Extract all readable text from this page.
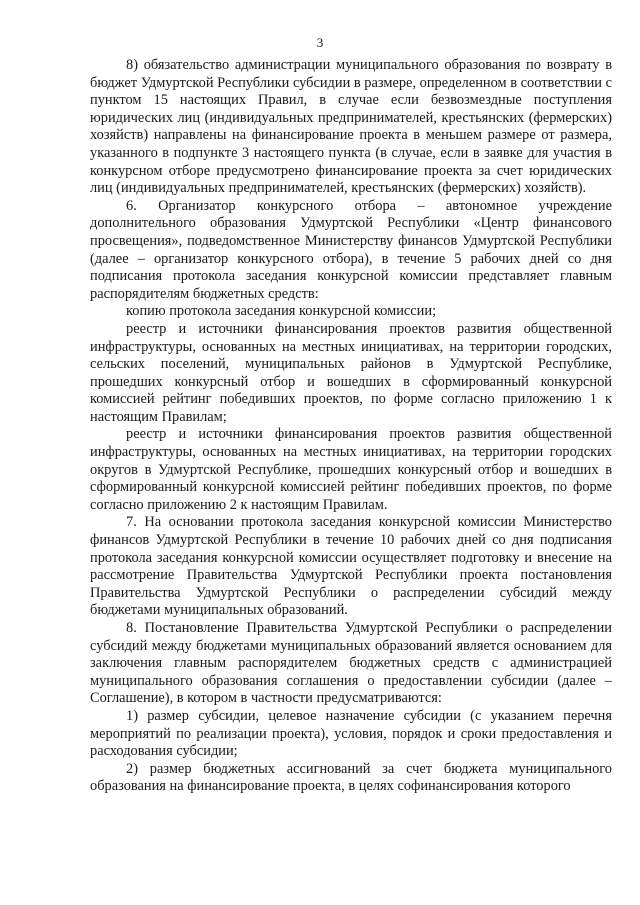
3

8) обязательство администрации муниципального образования по возврату в бюджет Удмуртской Республики субсидии в размере, определенном в соответствии с пунктом 15 настоящих Правил, в случае если безвозмездные поступления юридических лиц (индивидуальных предпринимателей, крестьянских (фермерских) хозяйств) направлены на финансирование проекта в меньшем размере от размера, указанного в подпункте 3 настоящего пункта (в случае, если в заявке для участия в конкурсном отборе предусмотрено финансирование проекта за счет юридических лиц (индивидуальных предпринимателей, крестьянских (фермерских) хозяйств).

6. Организатор конкурсного отбора – автономное учреждение дополнительного образования Удмуртской Республики «Центр финансового просвещения», подведомственное Министерству финансов Удмуртской Республики (далее – организатор конкурсного отбора), в течение 5 рабочих дней со дня подписания протокола заседания конкурсной комиссии представляет главным распорядителям бюджетных средств:

копию протокола заседания конкурсной комиссии;

реестр и источники финансирования проектов развития общественной инфраструктуры, основанных на местных инициативах, на территории городских, сельских поселений, муниципальных районов в Удмуртской Республике, прошедших конкурсный отбор и вошедших в сформированный конкурсной комиссией рейтинг победивших проектов, по форме согласно приложению 1 к настоящим Правилам;

реестр и источники финансирования проектов развития общественной инфраструктуры, основанных на местных инициативах, на территории городских округов в Удмуртской Республике, прошедших конкурсный отбор и вошедших в сформированный конкурсной комиссией рейтинг победивших проектов, по форме согласно приложению 2 к настоящим Правилам.

7. На основании протокола заседания конкурсной комиссии Министерство финансов Удмуртской Республики в течение 10 рабочих дней со дня подписания протокола заседания конкурсной комиссии осуществляет подготовку и внесение на рассмотрение Правительства Удмуртской Республики проекта постановления Правительства Удмуртской Республики о распределении субсидий между бюджетами муниципальных образований.

8. Постановление Правительства Удмуртской Республики о распределении субсидий между бюджетами муниципальных образований является основанием для заключения главным распорядителем бюджетных средств с администрацией муниципального образования соглашения о предоставлении субсидии (далее – Соглашение), в котором в частности предусматриваются:

1) размер субсидии, целевое назначение субсидии (с указанием перечня мероприятий по реализации проекта), условия, порядок и сроки предоставления и расходования субсидии;

2) размер бюджетных ассигнований за счет бюджета муниципального образования на финансирование проекта, в целях софинансирования которого
